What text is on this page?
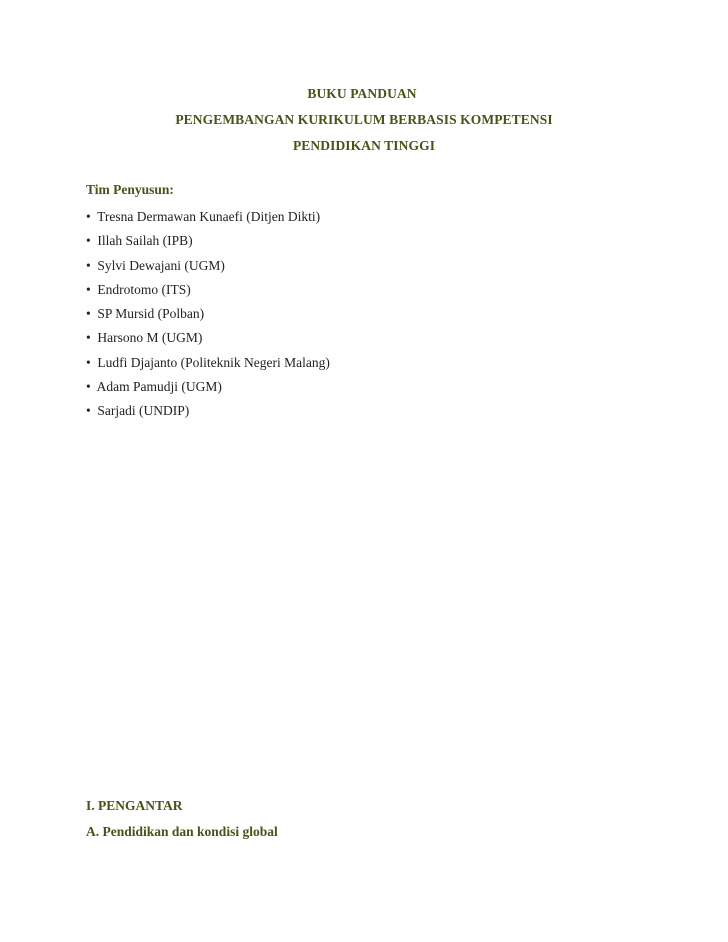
BUKU PANDUAN
PENGEMBANGAN KURIKULUM BERBASIS KOMPETENSI
PENDIDIKAN TINGGI
Tim Penyusun:
• Tresna Dermawan Kunaefi (Ditjen Dikti)
• Illah Sailah (IPB)
• Sylvi Dewajani (UGM)
• Endrotomo (ITS)
• SP Mursid (Polban)
• Harsono M (UGM)
• Ludfi Djajanto (Politeknik Negeri Malang)
• Adam Pamudji (UGM)
• Sarjadi (UNDIP)
I. PENGANTAR
A. Pendidikan dan kondisi global
